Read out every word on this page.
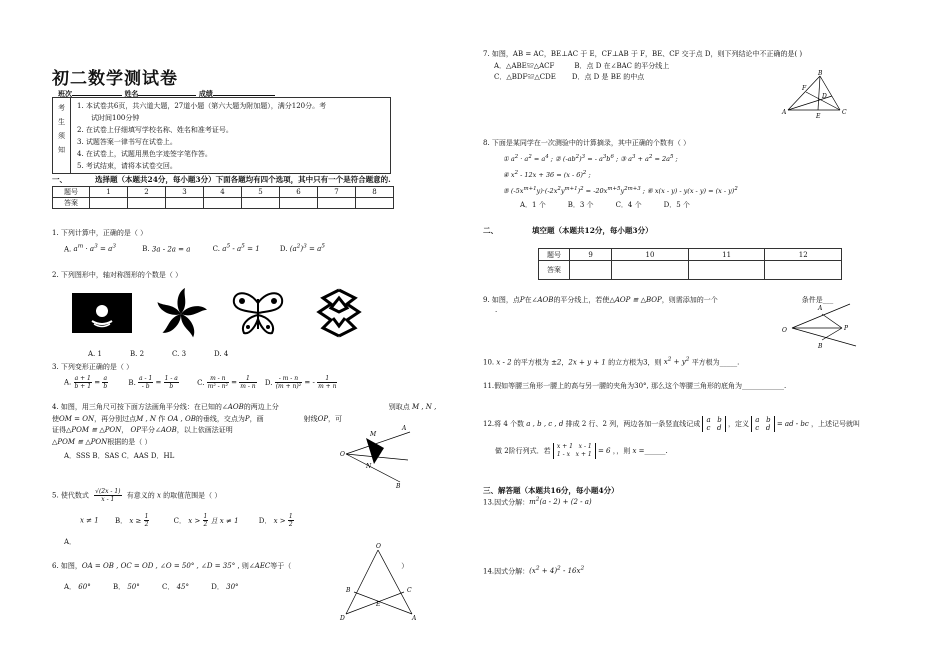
初二数学测试卷
班次	姓名	成绩
考
生
须
知
1. 本试卷共6页，共六道大题，27道小题（第六大题为附加题），满分120分。考
试时间100分钟
2. 在试卷上仔细填写学校名称、姓名和准考证号。
3. 试题答案一律书写在试卷上。
4. 在试卷上，试题用黑色字迹签字笔作答。
5. 考试结束，请将本试卷交回。
一、	选择题（本题共24分，每小题3分）下面各题均有四个选项，其中只有一个是符合题意的.
题号	1	2	3	4	5	6	7	8
答案								
1. 下列计算中，正确的是（ ）
A. $a^m \cdot a^3 = a^3$	B. 3a - 2a = a	C. $a^5 - a^5 = 1$	D. $(a^2)^3 = a^5$
2. 下列图形中，轴对称图形的个数是（ ）
A. 1	B. 2	C. 3	D. 4
3. 下列变形正确的是（ ）
A. $\frac{a + 1}{b + 1} = \frac{a}{b}$	B. $\frac{a - 1}{- b} = \frac{1 - a}{b}$	C. $\frac{m - n}{\text{m² - n²}} = \frac{1}{m - n} D$. $\frac{- m - n}{\text{(m + n)²}}$ = - $\frac{1}{m + n}$
4. 如图，用三角尺可按下面方法画角平分线：在已知的∠AOB的两边上分	别取点 M , N ,
使OM = ON，再分别过点M , N 作 OA , OB的垂线，交点为P，画	射线OP，可
证得△POM ≌ △PON， OP平分∠AOB，以上依画法证明
△POM ≌ △PON根据的是（ ）
A．SSS B．SAS C．AAS D．HL	O
M
N
A
B
5. 使代数式 $\frac{√(2x - 1)}{x - 1}$ 有意义的 x 的取值范围是（ ）
x ≠ 1 B． $x \ge \frac{1}{2}$	C． $x > \frac{1}{2}$ 且 x ≠ 1	D． $x > \frac{1}{2}$
A．
6. 如图，OA = OB , OC = OD , ∠O = 50° , ∠D = 35° , 则∠AEC等于（	）
A． 60°	B． 50°	C． 45°	D． 30°
O
B	C
E
D	A
7. 如图，AB = AC，BE⊥AC 于 E，CF⊥AB 于 F，BE、CF 交于点 D，则下列结论中不正确的是( )
A．△ABE≌△ACF	B．点 D 在∠BAC 的平分线上
C．△BDF≌△CDE D．点 D 是 BE 的中点	B
A	C
D
E
F
8. 下面是某同学在一次测验中的计算摘录，其中正确的个数有（ ）
① $a^2 \cdot a^2 = a^4$ ; ② $(-ab^2)^3$ = - $a^3b^6$ ; ③ $a^3 + a^2 = 2a^5$ ;
④ $x^2 - 12x + 36 = (x - 6)^2$ ;
⑤ $(-5x^{m+1}y)\cdot(-2x^2y^{m+1})^2 = -20x^{m+5}y^{2m+3}$ ; ⑥ x(x - y) - y(x - y) = (x - y)$^2$
A．1 个	B．3 个	C．4 个	D．5 个
二、	填空题（本题共12分，每小题3分）
题号	9	10	11	12
答案				
9. 如图，点P在∠AOB的平分线上，若使△AOP ≌ △BOP，则需添加的一个	条件是___
.
O
A
B
P
10. x - 2 的平方根为 ±2，2x + y + 1 的立方根为3，则 $x^2 + y^2$ 平方根为_____.
11.假如等腰三角形一腰上的高与另一腰的夹角为30°, 那么这个等腰三角形的底角为____________.
12.将 4 个数 a , b , c , d 排成 2 行、2 列，两边各加一条竖直线记成 a   b
c   d ，定义 a   b
c   d = ad - bc ，上述记号就叫
做 2阶行列式．若 x + 1   x - 1
1 - x   x + 1 = 6 ，，则 x =______.
三、解答题（本题共16分，每小题4分）
13.因式分解：$m^2(a - 2) + (2 - a)$
14.因式分解：$(x^2 + 4)^2 - 16x^2$
